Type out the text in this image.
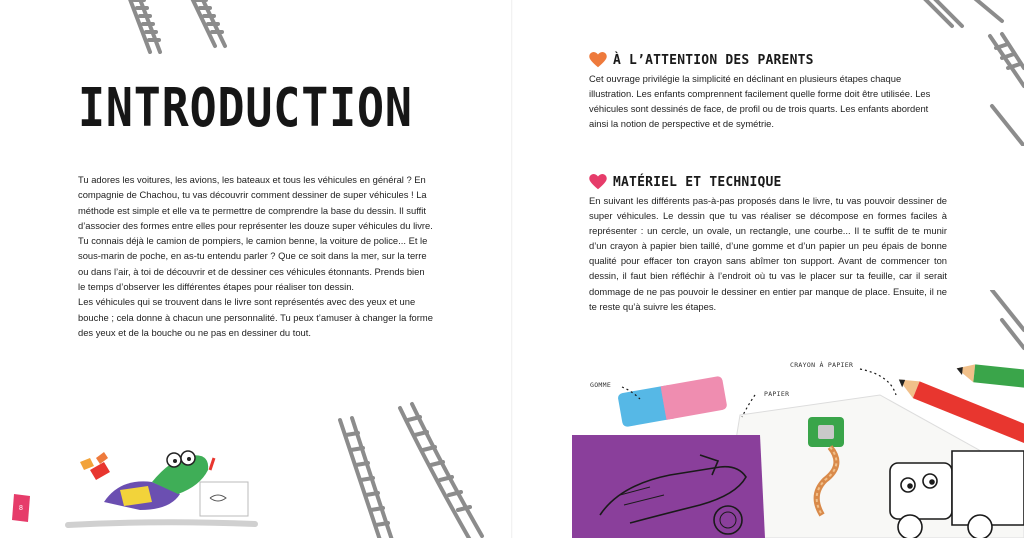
INTRODUCTION

Tu adores les voitures, les avions, les bateaux et tous les véhicules en général ? En compagnie de Chachou, tu vas découvrir comment dessiner de super véhicules ! La méthode est simple et elle va te permettre de comprendre la base du dessin. Il suffit d’associer des formes entre elles pour représenter les douze super véhicules du livre. Tu connais déjà le camion de pompiers, le camion benne, la voiture de police... Et le sous-marin de poche, en as-tu entendu parler ? Que ce soit dans la mer, sur la terre ou dans l’air, à toi de découvrir et de dessiner ces véhicules étonnants. Prends bien le temps d’observer les différentes étapes pour réaliser ton dessin.

Les véhicules qui se trouvent dans le livre sont représentés avec des yeux et une bouche ; cela donne à chacun une personnalité. Tu peux t’amuser à changer la forme des yeux et de la bouche ou ne pas en dessiner du tout.

8
À L’ATTENTION DES PARENTS

Cet ouvrage privilégie la simplicité en déclinant en plusieurs étapes chaque illustration. Les enfants comprennent facilement quelle forme doit être utilisée. Les véhicules sont dessinés de face, de profil ou de trois quarts. Les enfants abordent ainsi la notion de perspective et de symétrie.

MATÉRIEL ET TECHNIQUE

En suivant les différents pas-à-pas proposés dans le livre, tu vas pouvoir dessiner de super véhicules. Le dessin que tu vas réaliser se décompose en formes faciles à représenter : un cercle, un ovale, un rectangle, une courbe... Il te suffit de te munir d’un crayon à papier bien taillé, d’une gomme et d’un papier un peu épais de bonne qualité pour effacer ton crayon sans abîmer ton support. Avant de commencer ton dessin, il faut bien réfléchir à l’endroit où tu vas le placer sur ta feuille, car il serait dommage de ne pas pouvoir le dessiner en entier par manque de place. Ensuite, il ne te reste qu’à suivre les étapes.

GOMME
PAPIER
CRAYON À PAPIER
